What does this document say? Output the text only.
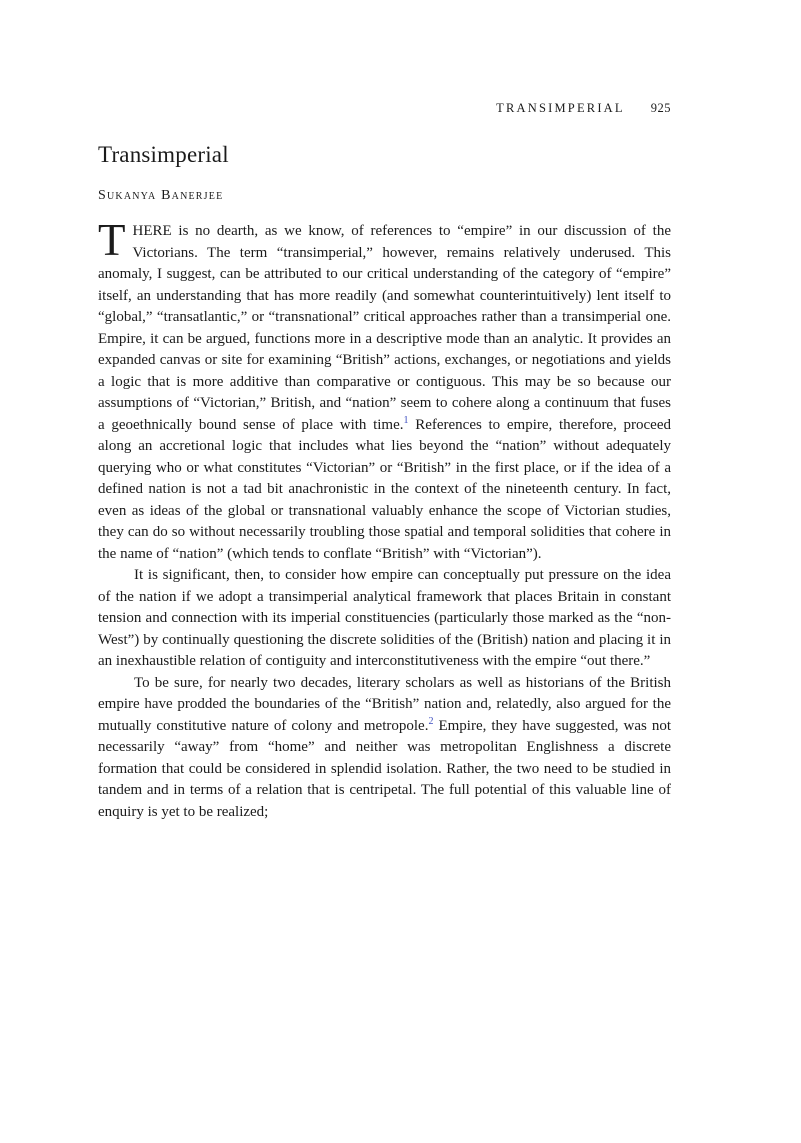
TRANSIMPERIAL 925
Transimperial
Sukanya Banerjee

THERE is no dearth, as we know, of references to “empire” in our discussion of the Victorians. The term “transimperial,” however, remains relatively underused. This anomaly, I suggest, can be attributed to our critical understanding of the category of “empire” itself, an understanding that has more readily (and somewhat counterintuitively) lent itself to “global,” “transatlantic,” or “transnational” critical approaches rather than a transimperial one. Empire, it can be argued, functions more in a descriptive mode than an analytic. It provides an expanded canvas or site for examining “British” actions, exchanges, or negotiations and yields a logic that is more additive than comparative or contiguous. This may be so because our assumptions of “Victorian,” British, and “nation” seem to cohere along a continuum that fuses a geoethnically bound sense of place with time.$^1$ References to empire, therefore, proceed along an accretional logic that includes what lies beyond the “nation” without adequately querying who or what constitutes “Victorian” or “British” in the first place, or if the idea of a defined nation is not a tad bit anachronistic in the context of the nineteenth century. In fact, even as ideas of the global or transnational valuably enhance the scope of Victorian studies, they can do so without necessarily troubling those spatial and temporal solidities that cohere in the name of “nation” (which tends to conflate “British” with “Victorian”).

It is significant, then, to consider how empire can conceptually put pressure on the idea of the nation if we adopt a transimperial analytical framework that places Britain in constant tension and connection with its imperial constituencies (particularly those marked as the “non-West”) by continually questioning the discrete solidities of the (British) nation and placing it in an inexhaustible relation of contiguity and interconstitutiveness with the empire “out there.”

To be sure, for nearly two decades, literary scholars as well as historians of the British empire have prodded the boundaries of the “British” nation and, relatedly, also argued for the mutually constitutive nature of colony and metropole.$^2$ Empire, they have suggested, was not necessarily “away” from “home” and neither was metropolitan Englishness a discrete formation that could be considered in splendid isolation. Rather, the two need to be studied in tandem and in terms of a relation that is centripetal. The full potential of this valuable line of enquiry is yet to be realized;
